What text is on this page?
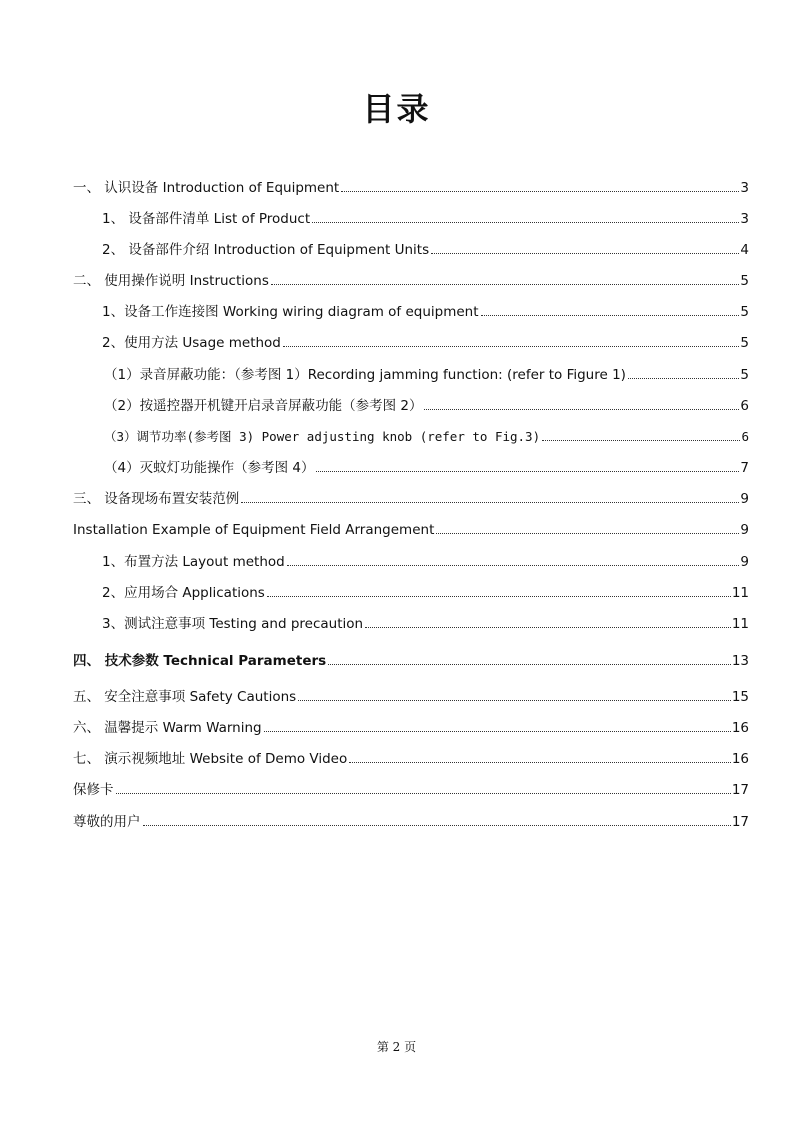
目录
一、 认识设备 Introduction of Equipment	3
1、 设备部件清单 List of Product	3
2、 设备部件介绍 Introduction of Equipment Units	4
二、 使用操作说明 Instructions	5
1、设备工作连接图 Working wiring diagram of equipment	5
2、使用方法 Usage method	5
（1）录音屏蔽功能：（参考图 1）Recording jamming function: (refer to Figure 1)	5
（2）按遥控器开机键开启录音屏蔽功能（参考图 2）	6
（3）调节功率(参考图 3) Power adjusting knob (refer to Fig.3)	6
（4）灭蚊灯功能操作（参考图 4）	7
三、 设备现场布置安装范例	9
Installation Example of Equipment Field Arrangement	9
1、布置方法 Layout method	9
2、应用场合 Applications	11
3、测试注意事项 Testing and precaution	11
四、 技术参数 Technical Parameters	13
五、 安全注意事项 Safety Cautions	15
六、 温馨提示 Warm Warning	16
七、 演示视频地址 Website of Demo Video	16
保修卡	17
尊敬的用户	17
第 2 页
